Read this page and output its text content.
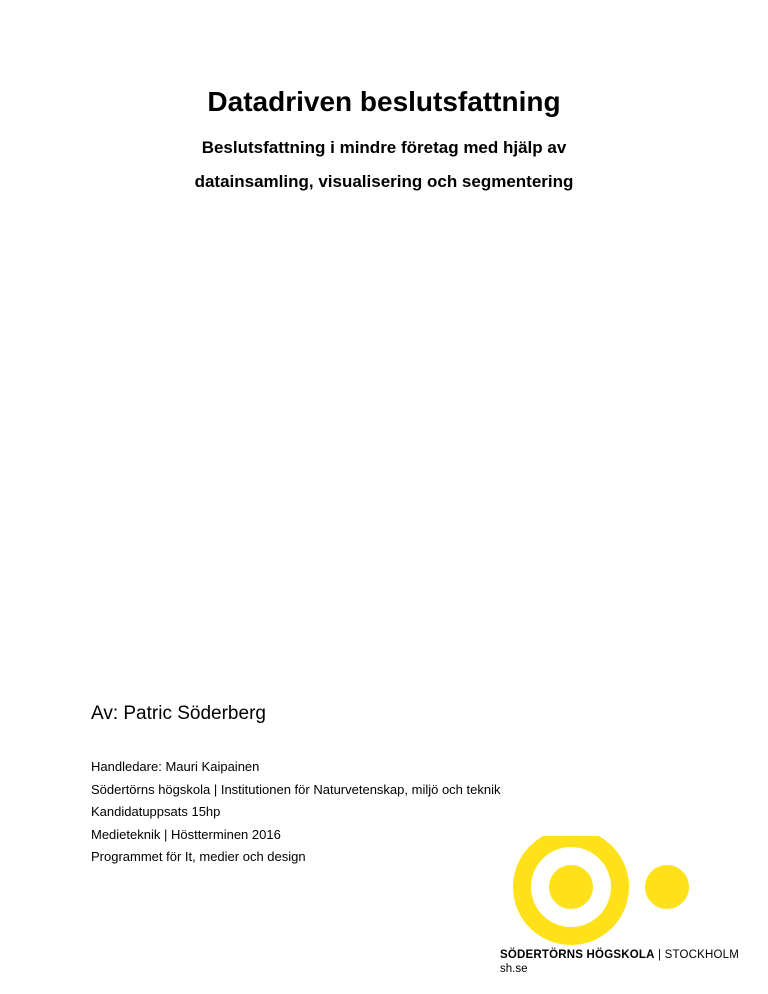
Datadriven beslutsfattning
Beslutsfattning i mindre företag med hjälp av
datainsamling, visualisering och segmentering
Av: Patric Söderberg
Handledare: Mauri Kaipainen
Södertörns högskola | Institutionen för Naturvetenskap, miljö och teknik
Kandidatuppsats 15hp
Medieteknik | Höstterminen 2016
Programmet för It, medier och design
SÖDERTÖRNS HÖGSKOLA | STOCKHOLM
sh.se
